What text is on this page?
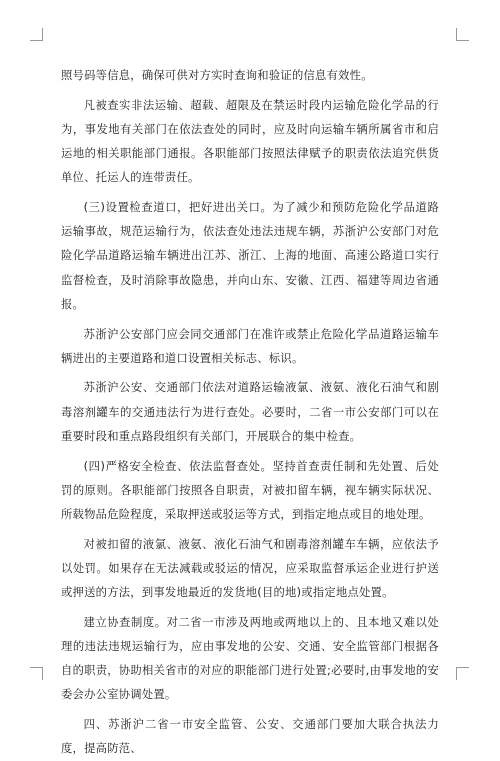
照号码等信息，确保可供对方实时查询和验证的信息有效性。

凡被查实非法运输、超载、超限及在禁运时段内运输危险化学品的行为，事发地有关部门在依法查处的同时，应及时向运输车辆所属省市和启运地的相关职能部门通报。各职能部门按照法律赋予的职责依法追究供货单位、托运人的连带责任。

(三)设置检查道口，把好进出关口。为了减少和预防危险化学品道路运输事故，规范运输行为，依法查处违法违规车辆，苏浙沪公安部门对危险化学品道路运输车辆进出江苏、浙江、上海的地面、高速公路道口实行监督检查，及时消除事故隐患，并向山东、安徽、江西、福建等周边省通报。

苏浙沪公安部门应会同交通部门在准许或禁止危险化学品道路运输车辆进出的主要道路和道口设置相关标志、标识。

苏浙沪公安、交通部门依法对道路运输液氯、液氨、液化石油气和剧毒溶剂罐车的交通违法行为进行查处。必要时，二省一市公安部门可以在重要时段和重点路段组织有关部门，开展联合的集中检查。

(四)严格安全检查、依法监督查处。坚持首查责任制和先处置、后处罚的原则。各职能部门按照各自职责，对被扣留车辆，视车辆实际状况、所载物品危险程度，采取押送或驳运等方式，到指定地点或目的地处理。

对被扣留的液氯、液氨、液化石油气和剧毒溶剂罐车车辆，应依法予以处罚。如果存在无法减载或驳运的情况，应采取监督承运企业进行护送或押送的方法，到事发地最近的发货地(目的地)或指定地点处置。

建立协查制度。对二省一市涉及两地或两地以上的、且本地又难以处理的违法违规运输行为，应由事发地的公安、交通、安全监管部门根据各自的职责，协助相关省市的对应的职能部门进行处置;必要时,由事发地的安委会办公室协调处置。

四、苏浙沪二省一市安全监管、公安、交通部门要加大联合执法力度，提高防范、
